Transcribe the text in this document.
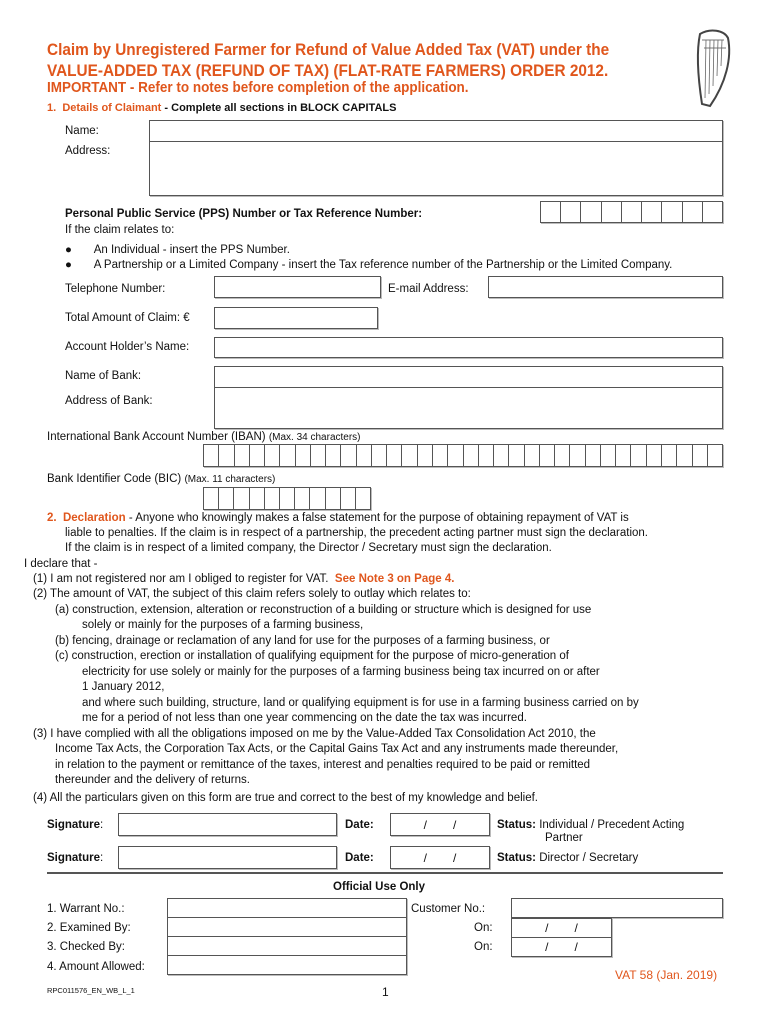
Claim by Unregistered Farmer for Refund of Value Added Tax (VAT) under the
VALUE-ADDED TAX (REFUND OF TAX) (FLAT-RATE FARMERS) ORDER 2012.
IMPORTANT - Refer to notes before completion of the application.
1. Details of Claimant - Complete all sections in BLOCK CAPITALS
Name:
Address:
Personal Public Service (PPS) Number or Tax Reference Number:
If the claim relates to:
●       An Individual - insert the PPS Number.
●       A Partnership or a Limited Company - insert the Tax reference number of the Partnership or the Limited Company.
Telephone Number:	E-mail Address:
Total Amount of Claim: €
Account Holder’s Name:
Name of Bank:
Address of Bank:
International Bank Account Number (IBAN) (Max. 34 characters)
Bank Identifier Code (BIC) (Max. 11 characters)
2. Declaration - Anyone who knowingly makes a false statement for the purpose of obtaining repayment of VAT is
liable to penalties. If the claim is in respect of a partnership, the precedent acting partner must sign the declaration.
If the claim is in respect of a limited company, the Director / Secretary must sign the declaration.
I declare that -
(1) I am not registered nor am I obliged to register for VAT. See Note 3 on Page 4.
(2) The amount of VAT, the subject of this claim refers solely to outlay which relates to:
(a) construction, extension, alteration or reconstruction of a building or structure which is designed for use
solely or mainly for the purposes of a farming business,
(b) fencing, drainage or reclamation of any land for use for the purposes of a farming business, or
(c) construction, erection or installation of qualifying equipment for the purpose of micro-generation of
electricity for use solely or mainly for the purposes of a farming business being tax incurred on or after
1 January 2012,
and where such building, structure, land or qualifying equipment is for use in a farming business carried on by
me for a period of not less than one year commencing on the date the tax was incurred.
(3) I have complied with all the obligations imposed on me by the Value-Added Tax Consolidation Act 2010, the
Income Tax Acts, the Corporation Tax Acts, or the Capital Gains Tax Act and any instruments made thereunder,
in relation to the payment or remittance of the taxes, interest and penalties required to be paid or remitted
thereunder and the delivery of returns.
(4) All the particulars given on this form are true and correct to the best of my knowledge and belief.
Signature:	Date:	/ /	Status: Individual / Precedent Acting
Partner
Signature:	Date:	/ /	Status: Director / Secretary
Official Use Only
1. Warrant No.:
2. Examined By:
3. Checked By:
4. Amount Allowed:
Customer No.:
On:	/ /
On:	/ /
VAT 58 (Jan. 2019)
RPC011576_EN_WB_L_1	1
